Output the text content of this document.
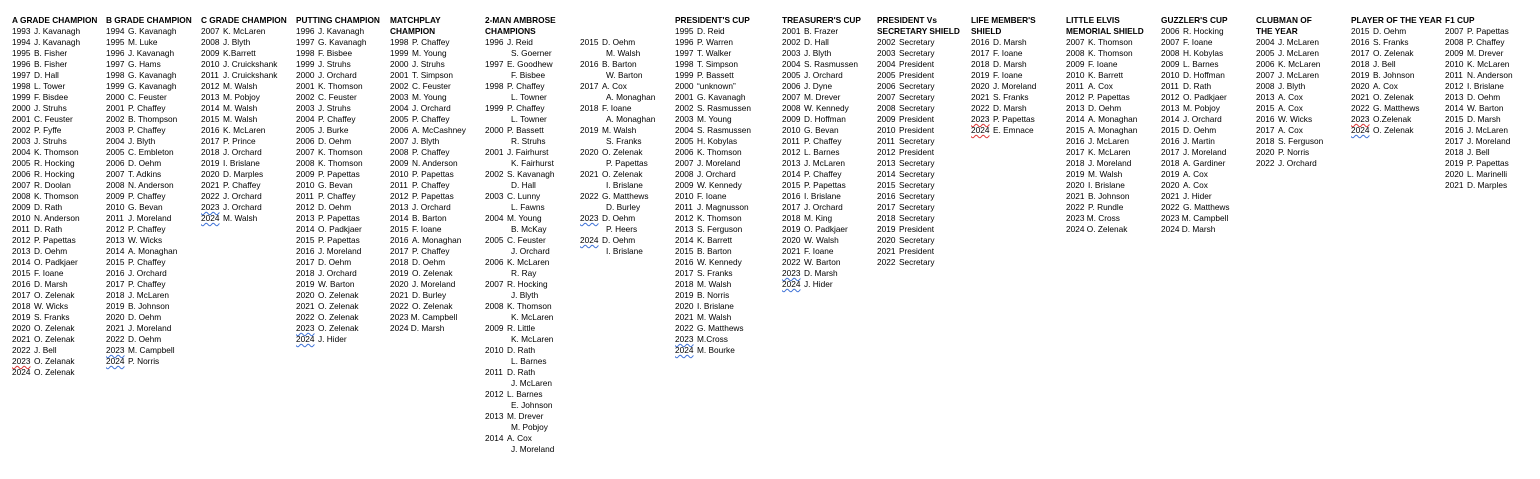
A GRADE CHAMPION
1993 J. Kavanagh
1994 J. Kavanagh
1995 B. Fisher
1996 B. Fisher
1997 D. Hall
1998 L. Tower
1999 F. Bisdee
2000 J. Struhs
2001 C. Feuster
2002 P. Fyffe
2003 J. Struhs
2004 K. Thomson
2005 R. Hocking
2006 R. Hocking
2007 R. Doolan
2008 K. Thomson
2009 D. Rath
2010 N. Anderson
2011 D. Rath
2012 P. Papettas
2013 D. Oehm
2014 O. Padkjaer
2015 F. Ioane
2016 D. Marsh
2017 O. Zelenak
2018 W. Wicks
2019 S. Franks
2020 O. Zelenak
2021 O. Zelenak
2022 J. Bell
2023 O. Zelanak
2024 O. Zelenak
B GRADE CHAMPION
1994 G. Kavanagh
1995 M. Luke
1996 J. Kavanagh
1997 G. Hams
1998 G. Kavanagh
1999 G. Kavanagh
2000 C. Feuster
2001 P. Chaffey
2002 B. Thompson
2003 P. Chaffey
2004 J. Blyth
2005 C. Embleton
2006 D. Oehm
2007 T. Adkins
2008 N. Anderson
2009 P. Chaffey
2010 G. Bevan
2011 J. Moreland
2012 P. Chaffey
2013 W. Wicks
2014 A. Monaghan
2015 P. Chaffey
2016 J. Orchard
2017 P. Chaffey
2018 J. McLaren
2019 B. Johnson
2020 D. Oehm
2021 J. Moreland
2022 D. Oehm
2023 M. Campbell
2024 P. Norris
C GRADE CHAMPION
2007 K. McLaren
2008 J. Blyth
2009 K.Barrett
2010 J. Cruickshank
2011 J. Cruickshank
2012 M. Walsh
2013 M. Pobjoy
2014 M. Walsh
2015 M. Walsh
2016 K. McLaren
2017 P. Prince
2018 J. Orchard
2019 I. Brislane
2020 D. Marples
2021 P. Chaffey
2022 J. Orchard
2023 J. Orchard
2024 M. Walsh
PUTTING CHAMPION
1996 J. Kavanagh
1997 G. Kavanagh
1998 F. Bisbee
1999 J. Struhs
2000 J. Orchard
2001 K. Thomson
2002 C. Feuster
2003 J. Struhs
2004 P. Chaffey
2005 J. Burke
2006 D. Oehm
2007 K. Thomson
2008 K. Thomson
2009 P. Papettas
2010 G. Bevan
2011 P. Chaffey
2012 D. Oehm
2013 P. Papettas
2014 O. Padkjaer
2015 P. Papettas
2016 J. Moreland
2017 D. Oehm
2018 J. Orchard
2019 W. Barton
2020 O. Zelenak
2021 O. Zelenak
2022 O. Zelenak
2023 O. Zelenak
2024 J. Hider
MATCHPLAY
CHAMPION
1998 P. Chaffey
1999 M. Young
2000 J. Struhs
2001 T. Simpson
2002 C. Feuster
2003 M. Young
2004 J. Orchard
2005 P. Chaffey
2006 A. McCashney
2007 J. Blyth
2008 P. Chaffey
2009 N. Anderson
2010 P. Papettas
2011 P. Chaffey
2012 P. Papettas
2013 J. Orchard
2014 B. Barton
2015 F. Ioane
2016 A. Monaghan
2017 P. Chaffey
2018 D. Oehm
2019 O. Zelenak
2020 J. Moreland
2021 D. Burley
2022 O. Zelenak
2023 M. Campbell
2024 D. Marsh
2-MAN AMBROSE
CHAMPIONS
1996 J. Reid
S. Goerner
1997 E. Goodhew
F. Bisbee
1998 P. Chaffey
L. Towner
1999 P. Chaffey
L. Towner
2000 P. Bassett
R. Struhs
2001 J. Fairhurst
K. Fairhurst
2002 S. Kavanagh
D. Hall
2003 C. Lunny
L. Fawns
2004 M. Young
B. McKay
2005 C. Feuster
J. Orchard
2006 K. McLaren
R. Ray
2007 R. Hocking
J. Blyth
2008 K. Thomson
K. McLaren
2009 R. Little
K. McLaren
2010 D. Rath
L. Barnes
2011 D. Rath
J. McLaren
2012 L. Barnes
E. Johnson
2013 M. Drever
M. Pobjoy
2014 A. Cox
J. Moreland
2015 D. Oehm
M. Walsh
2016 B. Barton
W. Barton
2017 A. Cox
A. Monaghan
2018 F. Ioane
A. Monaghan
2019 M. Walsh
S. Franks
2020 O. Zelenak
P. Papettas
2021 O. Zelenak
I. Brislane
2022 G. Matthews
D. Burley
2023 D. Oehm
P. Heers
2024 D. Oehm
I. Brislane
PRESIDENT'S CUP
1995 D. Reid
1996 P. Warren
1997 T. Walker
1998 T. Simpson
1999 P. Bassett
2000 “unknown”
2001 G. Kavanagh
2002 S. Rasmussen
2003 M. Young
2004 S. Rasmussen
2005 H. Kobylas
2006 K. Thomson
2007 J. Moreland
2008 J. Orchard
2009 W. Kennedy
2010 F. Ioane
2011 J. Magnusson
2012 K. Thomson
2013 S. Ferguson
2014 K. Barrett
2015 B. Barton
2016 W. Kennedy
2017 S. Franks
2018 M. Walsh
2019 B. Norris
2020 I. Brislane
2021 M. Walsh
2022 G. Matthews
2023 M.Cross
2024 M. Bourke
TREASURER'S CUP
2001 B. Frazer
2002 D. Hall
2003 J. Blyth
2004 S. Rasmussen
2005 J. Orchard
2006 J. Dyne
2007 M. Drever
2008 W. Kennedy
2009 D. Hoffman
2010 G. Bevan
2011 P. Chaffey
2012 L. Barnes
2013 J. McLaren
2014 P. Chaffey
2015 P. Papettas
2016 I. Brislane
2017 J. Orchard
2018 M. King
2019 O. Padkjaer
2020 W. Walsh
2021 F. Ioane
2022 W. Barton
2023 D. Marsh
2024 J. Hider
PRESIDENT Vs
SECRETARY SHIELD
2002 Secretary
2003 Secretary
2004 President
2005 President
2006 Secretary
2007 Secretary
2008 Secretary
2009 President
2010 President
2011 Secretary
2012 President
2013 Secretary
2014 Secretary
2015 Secretary
2016 Secretary
2017 Secretary
2018 Secretary
2019 President
2020 Secretary
2021 President
2022 Secretary
LIFE MEMBER'S
SHIELD
2016 D. Marsh
2017 F. Ioane
2018 D. Marsh
2019 F. Ioane
2020 J. Moreland
2021 S. Franks
2022 D. Marsh
2023 P. Papettas
2024 E. Emnace
LITTLE ELVIS
MEMORIAL SHIELD
2007 K. Thomson
2008 K. Thomson
2009 F. Ioane
2010 K. Barrett
2011 A. Cox
2012 P. Papettas
2013 D. Oehm
2014 A. Monaghan
2015 A. Monaghan
2016 J. McLaren
2017 K. McLaren
2018 J. Moreland
2019 M. Walsh
2020 I. Brislane
2021 B. Johnson
2022 P. Rundle
2023 M. Cross
2024 O. Zelenak
GUZZLER'S CUP
2006 R. Hocking
2007 F. Ioane
2008 H. Kobylas
2009 L. Barnes
2010 D. Hoffman
2011 D. Rath
2012 O. Padkjaer
2013 M. Pobjoy
2014 J. Orchard
2015 D. Oehm
2016 J. Martin
2017 J. Moreland
2018 A. Gardiner
2019 A. Cox
2020 A. Cox
2021 J. Hider
2022 G. Matthews
2023 M. Campbell
2024 D. Marsh
CLUBMAN OF
THE YEAR
2004 J. McLaren
2005 J. McLaren
2006 K. McLaren
2007 J. McLaren
2008 J. Blyth
2013 A. Cox
2015 A. Cox
2016 W. Wicks
2017 A. Cox
2018 S. Ferguson
2020 P. Norris
2022 J. Orchard
PLAYER OF THE YEAR
2015 D. Oehm
2016 S. Franks
2017 O. Zelenak
2018 J. Bell
2019 B. Johnson
2020 A. Cox
2021 O. Zelenak
2022 G. Matthews
2023 O.Zelenak
2024 O. Zelenak
F1 CUP
2007 P. Papettas
2008 P. Chaffey
2009 M. Drever
2010 K. McLaren
2011 N. Anderson
2012 I. Brislane
2013 D. Oehm
2014 W. Barton
2015 D. Marsh
2016 J. McLaren
2017 J. Moreland
2018 J. Bell
2019 P. Papettas
2020 L. Marinelli
2021 D. Marples
